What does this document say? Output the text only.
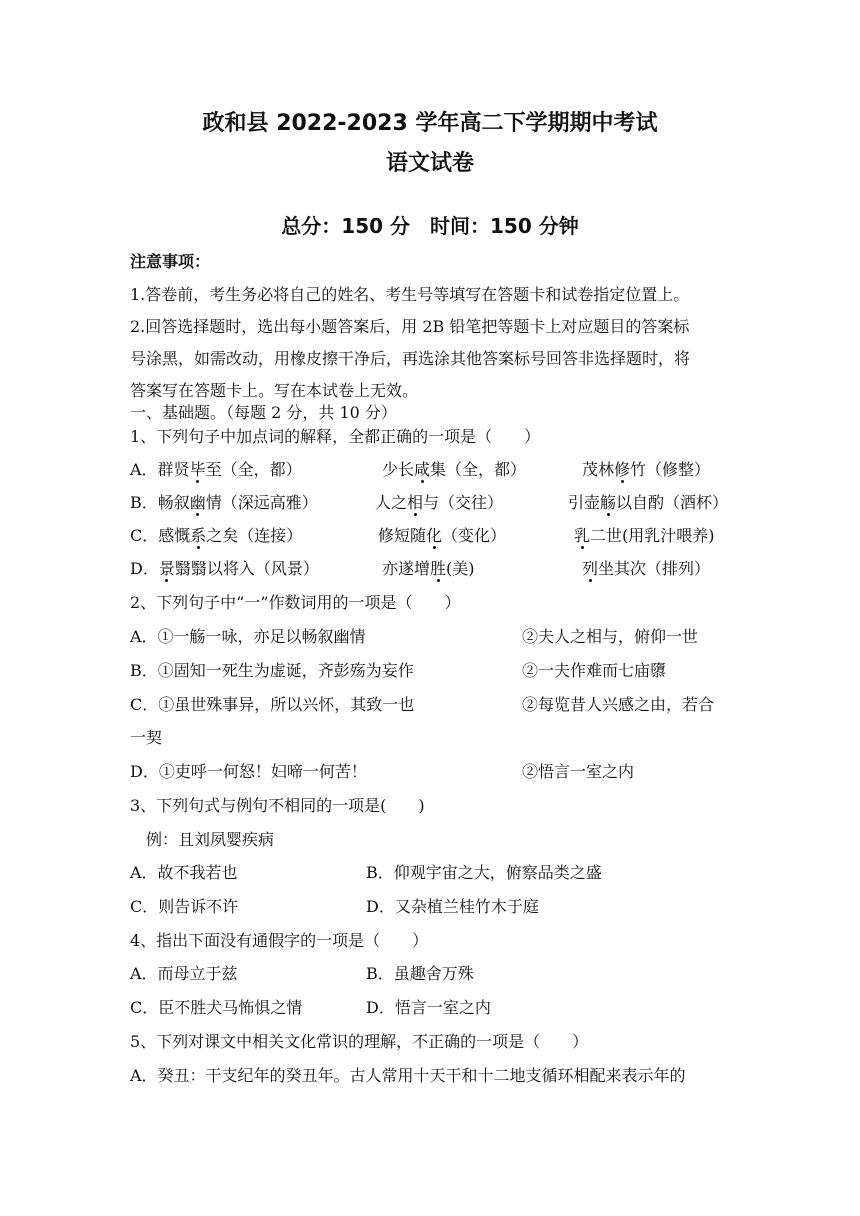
政和县 2022-2023 学年高二下学期期中考试
语文试卷
总分：150 分　时间：150 分钟
注意事项：
1.答卷前，考生务必将自己的姓名、考生号等填写在答题卡和试卷指定位置上。
2.回答选择题时，选出每小题答案后，用 2B 铅笔把等题卡上对应题目的答案标
号涂黑，如需改动，用橡皮擦干净后，再选涂其他答案标号回答非选择题时，将
答案写在答题卡上。写在本试卷上无效。
一、基础题。（每题 2 分，共 10 分）
1、下列句子中加点词的解释，全都正确的一项是（　　）
A．群贤毕至（全，都）	少长咸集（全，都）	茂林修竹（修整）
B．畅叙幽情（深远高雅）	人之相与（交往）	引壶觞以自酌（酒杯）
C．感慨系之矣（连接）	修短随化（变化）	乳二世(用乳汁喂养)
D．景翳翳以将入（风景）	亦遂增胜(美)	列坐其次（排列）
2、下列句子中“一”作数词用的一项是（　　）
A．①一觞一咏，亦足以畅叙幽情	②夫人之相与，俯仰一世
B．①固知一死生为虚诞，齐彭殇为妄作	②一夫作难而七庙隳
C．①虽世殊事异，所以兴怀，其致一也	②每览昔人兴感之由，若合
一契
D．①吏呼一何怒！妇啼一何苦！	②悟言一室之内
3、下列句式与例句不相同的一项是(　　)
例：且刘夙婴疾病
A．故不我若也	B．仰观宇宙之大，俯察品类之盛
C．则告诉不许	D．又杂植兰桂竹木于庭
4、指出下面没有通假字的一项是（　　）
A．而母立于兹	B．虽趣舍万殊
C．臣不胜犬马怖惧之情	D．悟言一室之内
5、下列对课文中相关文化常识的理解，不正确的一项是（　　）
A．癸丑：干支纪年的癸丑年。古人常用十天干和十二地支循环相配来表示年的
